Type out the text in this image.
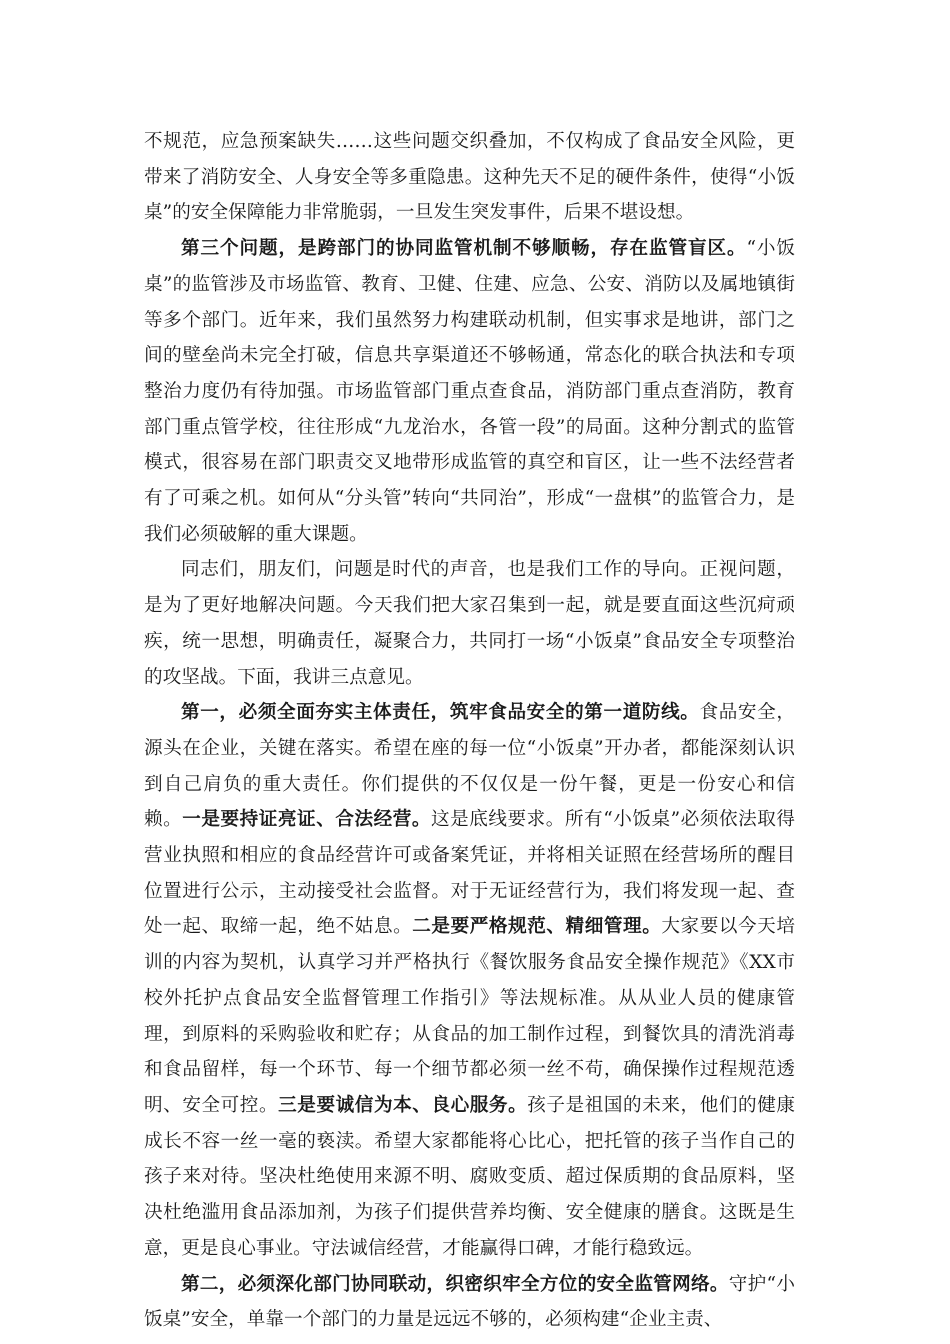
不规范，应急预案缺失……这些问题交织叠加，不仅构成了食品安全风险，更带来了消防安全、人身安全等多重隐患。这种先天不足的硬件条件，使得“小饭桌”的安全保障能力非常脆弱，一旦发生突发事件，后果不堪设想。

第三个问题，是跨部门的协同监管机制不够顺畅，存在监管盲区。“小饭桌”的监管涉及市场监管、教育、卫健、住建、应急、公安、消防以及属地镇街等多个部门。近年来，我们虽然努力构建联动机制，但实事求是地讲，部门之间的壁垒尚未完全打破，信息共享渠道还不够畅通，常态化的联合执法和专项整治力度仍有待加强。市场监管部门重点查食品，消防部门重点查消防，教育部门重点管学校，往往形成“九龙治水，各管一段”的局面。这种分割式的监管模式，很容易在部门职责交叉地带形成监管的真空和盲区，让一些不法经营者有了可乘之机。如何从“分头管”转向“共同治”，形成“一盘棋”的监管合力，是我们必须破解的重大课题。

同志们，朋友们，问题是时代的声音，也是我们工作的导向。正视问题，是为了更好地解决问题。今天我们把大家召集到一起，就是要直面这些沉疴顽疾，统一思想，明确责任，凝聚合力，共同打一场“小饭桌”食品安全专项整治的攻坚战。下面，我讲三点意见。

第一，必须全面夯实主体责任，筑牢食品安全的第一道防线。食品安全，源头在企业，关键在落实。希望在座的每一位“小饭桌”开办者，都能深刻认识到自己肩负的重大责任。你们提供的不仅仅是一份午餐，更是一份安心和信赖。一是要持证亮证、合法经营。这是底线要求。所有“小饭桌”必须依法取得营业执照和相应的食品经营许可或备案凭证，并将相关证照在经营场所的醒目位置进行公示，主动接受社会监督。对于无证经营行为，我们将发现一起、查处一起、取缔一起，绝不姑息。二是要严格规范、精细管理。大家要以今天培训的内容为契机，认真学习并严格执行《餐饮服务食品安全操作规范》《XX市校外托护点食品安全监督管理工作指引》等法规标准。从从业人员的健康管理，到原料的采购验收和贮存；从食品的加工制作过程，到餐饮具的清洗消毒和食品留样，每一个环节、每一个细节都必须一丝不苟，确保操作过程规范透明、安全可控。三是要诚信为本、良心服务。孩子是祖国的未来，他们的健康成长不容一丝一毫的亵渎。希望大家都能将心比心，把托管的孩子当作自己的孩子来对待。坚决杜绝使用来源不明、腐败变质、超过保质期的食品原料，坚决杜绝滥用食品添加剂，为孩子们提供营养均衡、安全健康的膳食。这既是生意，更是良心事业。守法诚信经营，才能赢得口碑，才能行稳致远。

第二，必须深化部门协同联动，织密织牢全方位的安全监管网络。守护“小饭桌”安全，单靠一个部门的力量是远远不够的，必须构建“企业主责、
